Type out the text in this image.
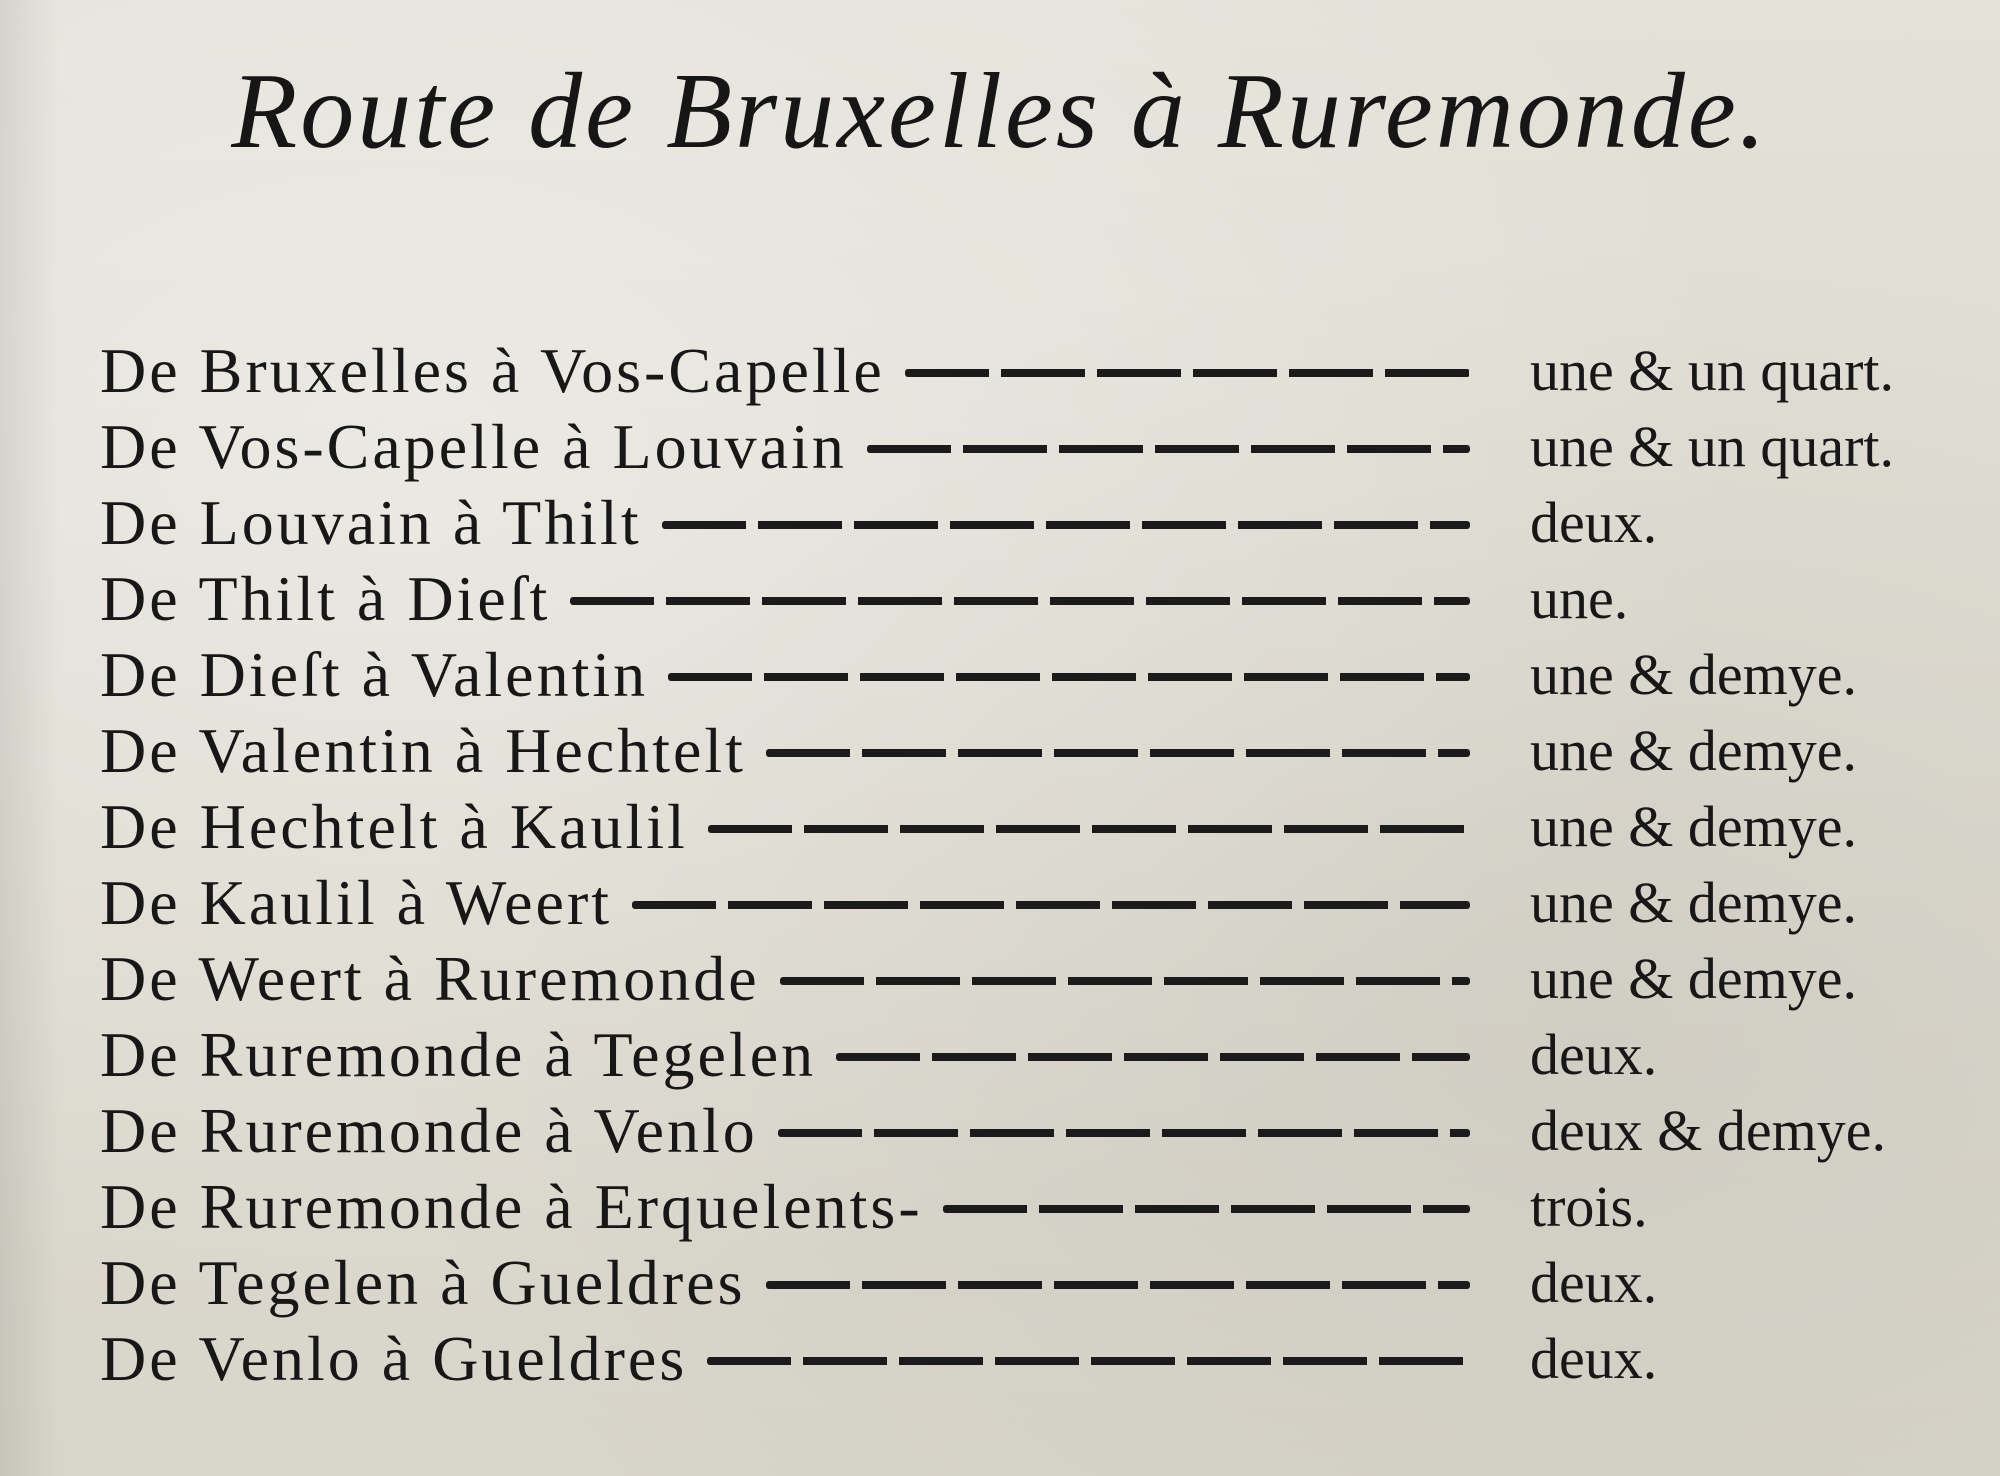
Route de Bruxelles à Ruremonde.
De Bruxelles à Vos-Capelle	une & un quart.
De Vos-Capelle à Louvain	une & un quart.
De Louvain à Thilt	deux.
De Thilt à Dieſt	une.
De Dieſt à Valentin	une & demye.
De Valentin à Hechtelt	une & demye.
De Hechtelt à Kaulil	une & demye.
De Kaulil à Weert	une & demye.
De Weert à Ruremonde	une & demye.
De Ruremonde à Tegelen	deux.
De Ruremonde à Venlo	deux & demye.
De Ruremonde à Erquelents-	trois.
De Tegelen à Gueldres	deux.
De Venlo à Gueldres	deux.
